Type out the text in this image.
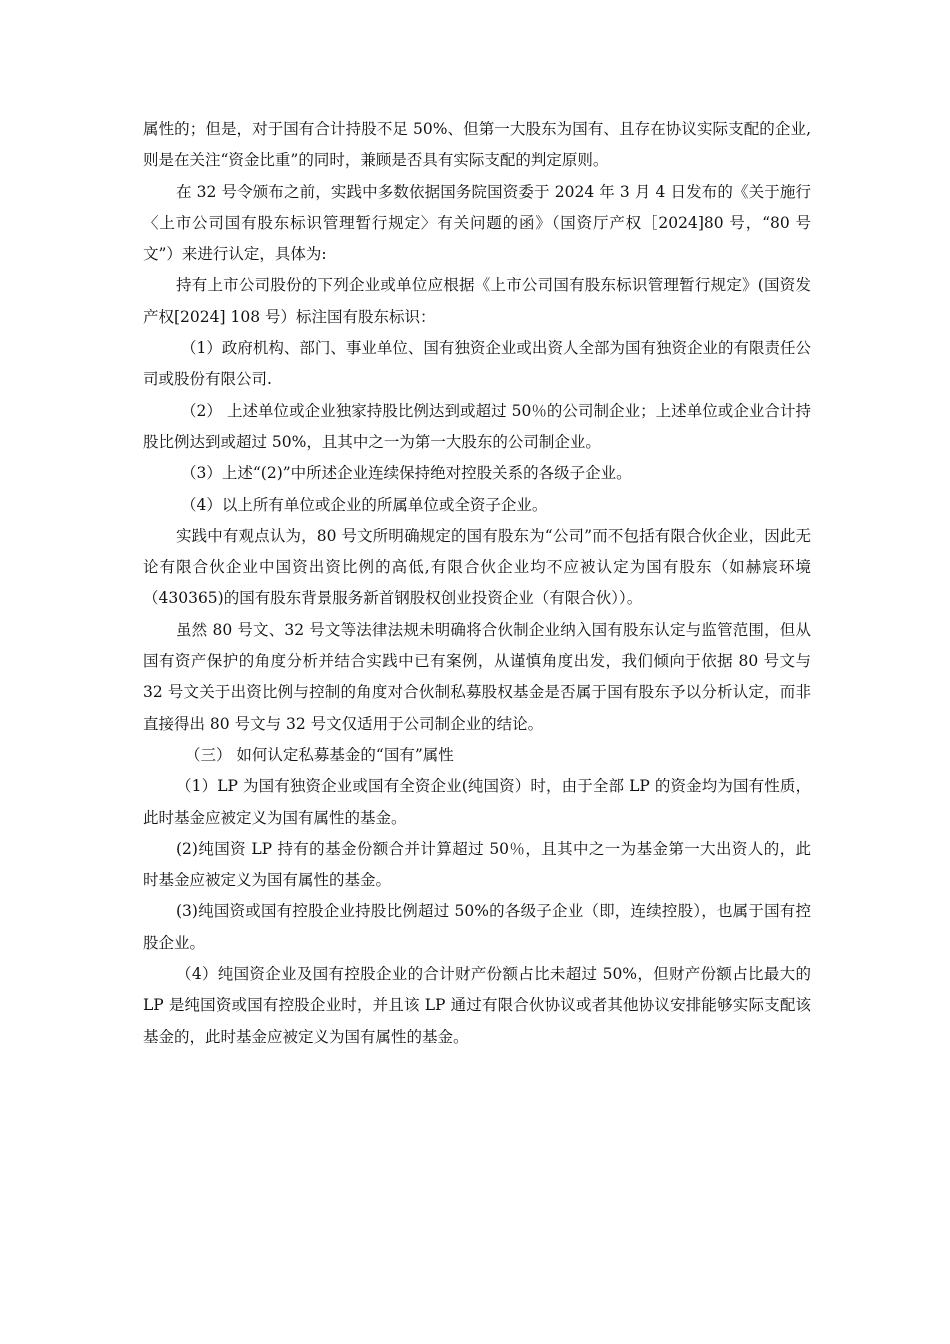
属性的；但是，对于国有合计持股不足 50%、但第一大股东为国有、且存在协议实际支配的企业,则是在关注“资金比重”的同时，兼顾是否具有实际支配的判定原则。

在 32 号令颁布之前，实践中多数依据国务院国资委于 2024 年 3 月 4 日发布的《关于施行〈上市公司国有股东标识管理暂行规定〉有关问题的函》（国资厅产权［2024]80 号，“80 号文”）来进行认定，具体为:

持有上市公司股份的下列企业或单位应根据《上市公司国有股东标识管理暂行规定》(国资发产权[2024] 108 号）标注国有股东标识：

（1）政府机构、部门、事业单位、国有独资企业或出资人全部为国有独资企业的有限责任公司或股份有限公司.

（2） 上述单位或企业独家持股比例达到或超过 50％的公司制企业；上述单位或企业合计持股比例达到或超过 50%，且其中之一为第一大股东的公司制企业。

（3）上述“(2)”中所述企业连续保持绝对控股关系的各级子企业。

（4）以上所有单位或企业的所属单位或全资子企业。

实践中有观点认为，80 号文所明确规定的国有股东为“公司”而不包括有限合伙企业，因此无论有限合伙企业中国资出资比例的高低,有限合伙企业均不应被认定为国有股东（如赫宸环境（430365)的国有股东背景服务新首钢股权创业投资企业（有限合伙））。

虽然 80 号文、32 号文等法律法规未明确将合伙制企业纳入国有股东认定与监管范围，但从国有资产保护的角度分析并结合实践中已有案例，从谨慎角度出发，我们倾向于依据 80 号文与 32 号文关于出资比例与控制的角度对合伙制私募股权基金是否属于国有股东予以分析认定，而非直接得出 80 号文与 32 号文仅适用于公司制企业的结论。

（三） 如何认定私募基金的“国有”属性

（1）LP 为国有独资企业或国有全资企业(纯国资）时，由于全部 LP 的资金均为国有性质，此时基金应被定义为国有属性的基金。

(2)纯国资 LP 持有的基金份额合并计算超过 50％，且其中之一为基金第一大出资人的，此时基金应被定义为国有属性的基金。

(3)纯国资或国有控股企业持股比例超过 50%的各级子企业（即，连续控股），也属于国有控股企业。

（4）纯国资企业及国有控股企业的合计财产份额占比未超过 50%，但财产份额占比最大的 LP 是纯国资或国有控股企业时，并且该 LP 通过有限合伙协议或者其他协议安排能够实际支配该基金的，此时基金应被定义为国有属性的基金。
